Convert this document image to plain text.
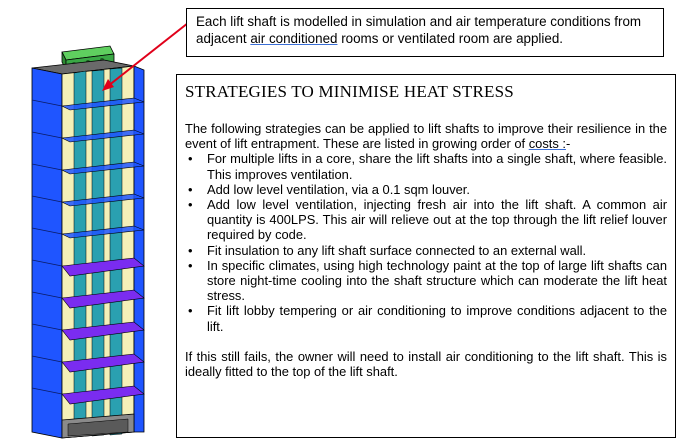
Each lift shaft is modelled in simulation and air temperature conditions from adjacent air conditioned rooms or ventilated room are applied.
STRATEGIES TO MINIMISE HEAT STRESS

The following strategies can be applied to lift shafts to improve their resilience in the event of lift entrapment. These are listed in growing order of costs :-

• For multiple lifts in a core, share the lift shafts into a single shaft, where feasible. This improves ventilation.
• Add low level ventilation, via a 0.1 sqm louver.
• Add low level ventilation, injecting fresh air into the lift shaft. A common air quantity is 400LPS. This air will relieve out at the top through the lift relief louver required by code.
• Fit insulation to any lift shaft surface connected to an external wall.
• In specific climates, using high technology paint at the top of large lift shafts can store night-time cooling into the shaft structure which can moderate the lift heat stress.
• Fit lift lobby tempering or air conditioning to improve conditions adjacent to the lift.

If this still fails, the owner will need to install air conditioning to the lift shaft. This is ideally fitted to the top of the lift shaft.
